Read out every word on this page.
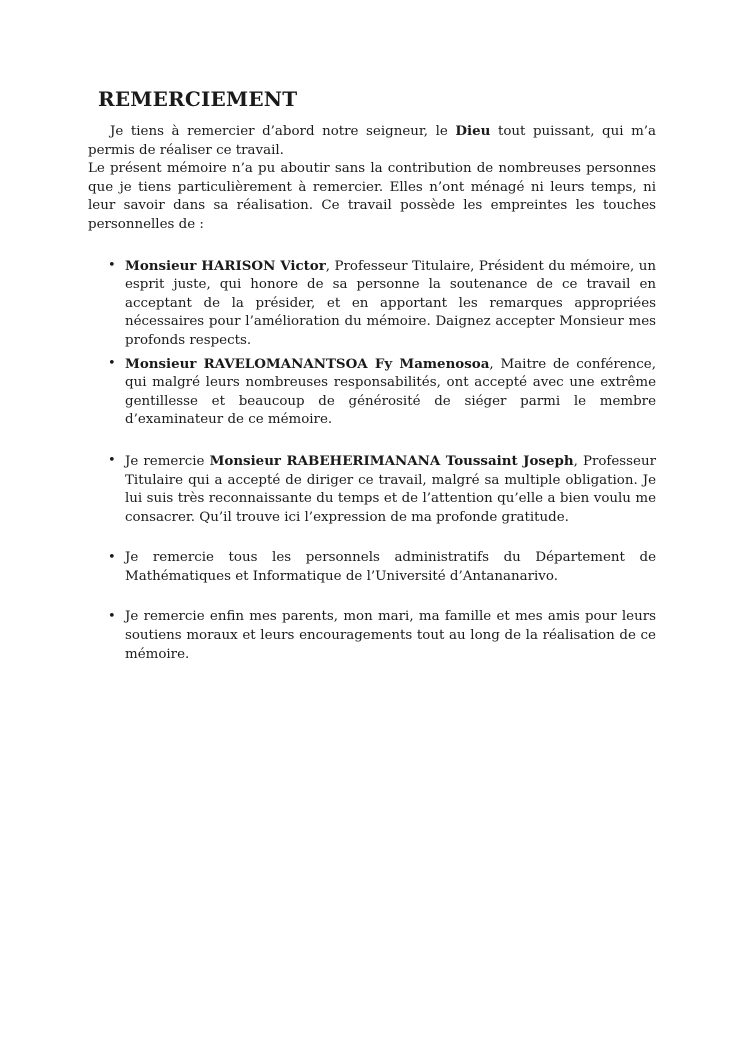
REMERCIEMENT

Je tiens à remercier d’abord notre seigneur, le Dieu tout puissant, qui m’a permis de réaliser ce travail.

Le présent mémoire n’a pu aboutir sans la contribution de nombreuses personnes que je tiens particulièrement à remercier. Elles n’ont ménagé ni leurs temps, ni leur savoir dans sa réalisation. Ce travail possède les empreintes les touches personnelles de :

• Monsieur HARISON Victor, Professeur Titulaire, Président du mémoire, un esprit juste, qui honore de sa personne la soutenance de ce travail en acceptant de la présider, et en apportant les remarques appropriées nécessaires pour l’amélioration du mémoire. Daignez accepter Monsieur mes profonds respects.
• Monsieur RAVELOMANANTSOA Fy Mamenosoa, Maitre de conférence, qui malgré leurs nombreuses responsabilités, ont accepté avec une extrême gentillesse et beaucoup de générosité de siéger parmi le membre d’examinateur de ce mémoire.
• Je remercie Monsieur RABEHERIMANANA Toussaint Joseph, Professeur Titulaire qui a accepté de diriger ce travail, malgré sa multiple obligation. Je lui suis très reconnaissante du temps et de l’attention qu’elle a bien voulu me consacrer. Qu’il trouve ici l’expression de ma profonde gratitude.
• Je remercie tous les personnels administratifs du Département de Mathématiques et Informatique de l’Université d’Antananarivo.
• Je remercie enfin mes parents, mon mari, ma famille et mes amis pour leurs soutiens moraux et leurs encouragements tout au long de la réalisation de ce mémoire.
